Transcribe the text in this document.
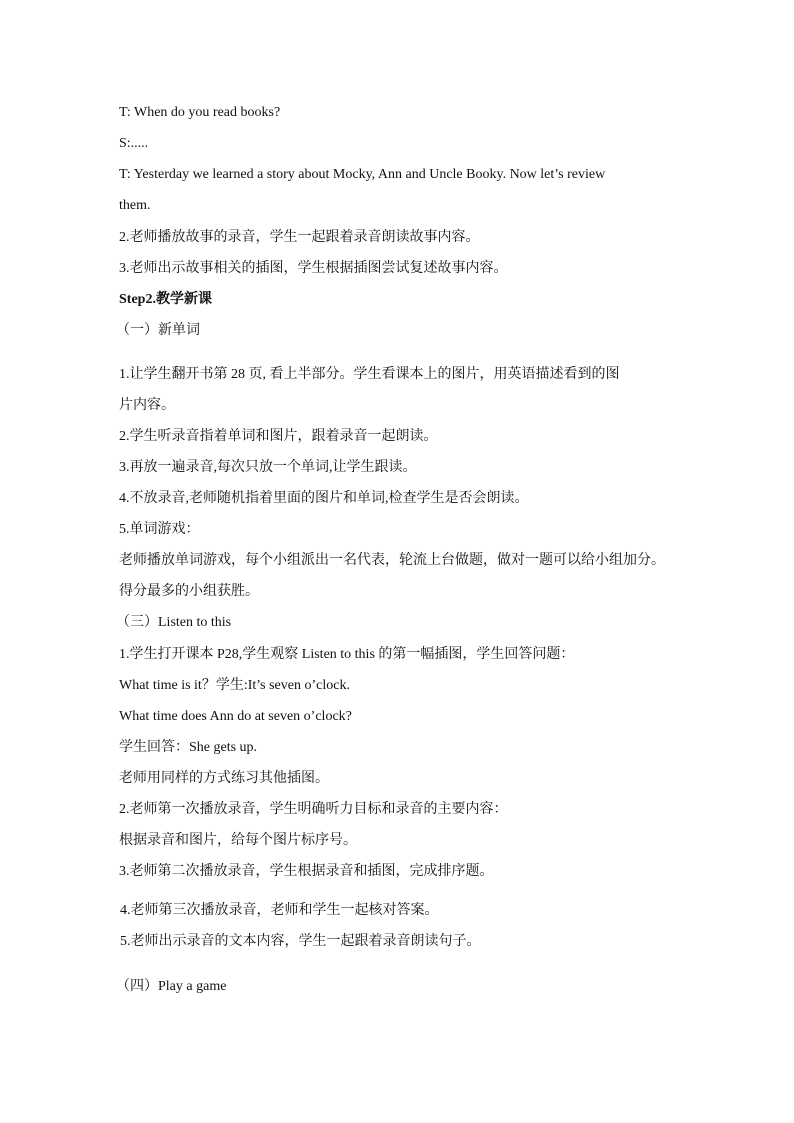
T: When do you read books?
S:.....
T: Yesterday we learned a story about Mocky, Ann and Uncle Booky. Now let’s review
them.
2.老师播放故事的录音，学生一起跟着录音朗读故事内容。
3.老师出示故事相关的插图，学生根据插图尝试复述故事内容。
Step2.教学新课
（一）新单词
1.让学生翻开书第 28 页, 看上半部分。学生看课本上的图片，用英语描述看到的图
片内容。
2.学生听录音指着单词和图片，跟着录音一起朗读。
3.再放一遍录音,每次只放一个单词,让学生跟读。
4.不放录音,老师随机指着里面的图片和单词,检查学生是否会朗读。
5.单词游戏：
老师播放单词游戏，每个小组派出一名代表，轮流上台做题，做对一题可以给小组加分。
得分最多的小组获胜。
（三）Listen to this
1.学生打开课本 P28,学生观察 Listen to this 的第一幅插图，学生回答问题：
What time is it？学生:It’s seven o’clock.
What time does Ann do at seven o’clock?
学生回答：She gets up.
老师用同样的方式练习其他插图。
2.老师第一次播放录音，学生明确听力目标和录音的主要内容：
根据录音和图片，给每个图片标序号。
3.老师第二次播放录音，学生根据录音和插图，完成排序题。
4.老师第三次播放录音，老师和学生一起核对答案。
5.老师出示录音的文本内容，学生一起跟着录音朗读句子。
（四）Play a game
